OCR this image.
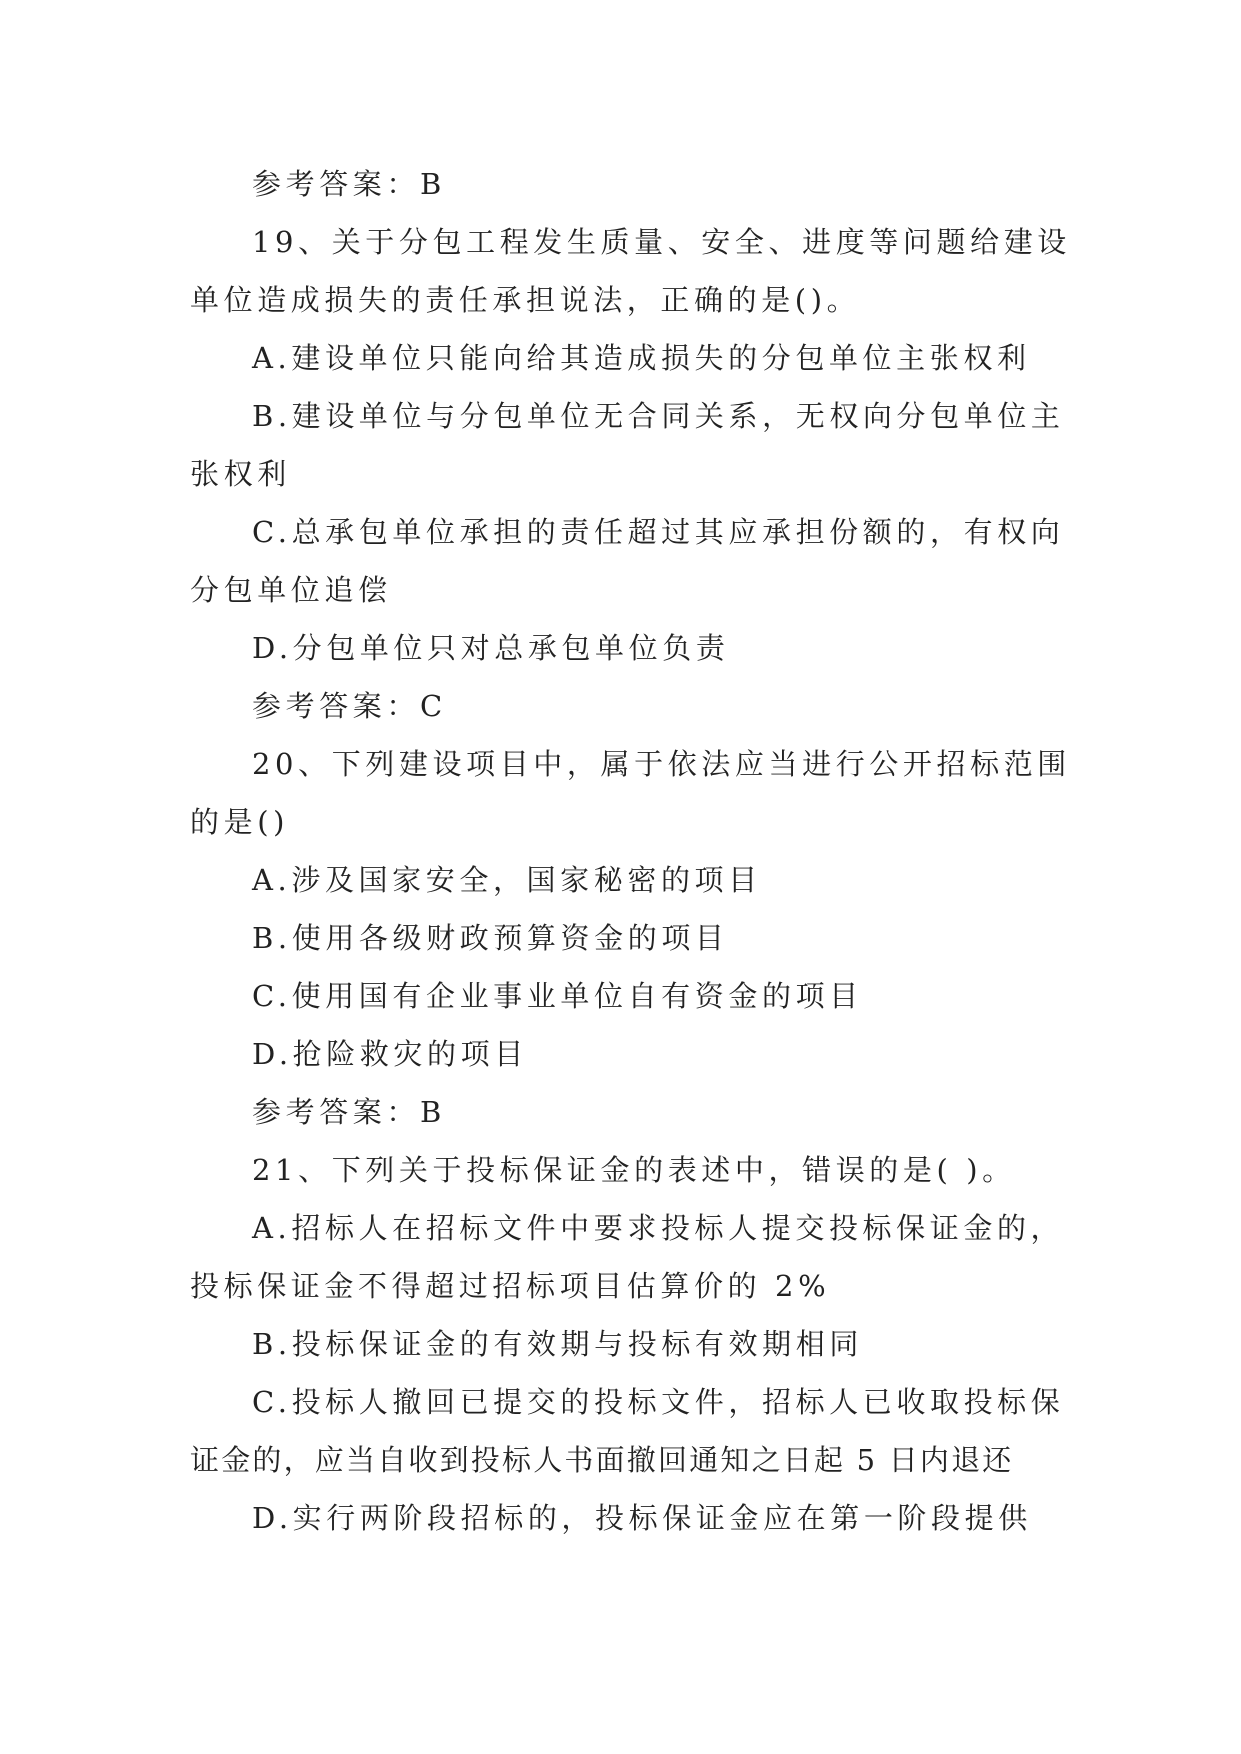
参考答案：B
19、关于分包工程发生质量、安全、进度等问题给建设
单位造成损失的责任承担说法，正确的是()。
A.建设单位只能向给其造成损失的分包单位主张权利
B.建设单位与分包单位无合同关系，无权向分包单位主
张权利
C.总承包单位承担的责任超过其应承担份额的，有权向
分包单位追偿
D.分包单位只对总承包单位负责
参考答案：C
20、下列建设项目中，属于依法应当进行公开招标范围
的是()
A.涉及国家安全，国家秘密的项目
B.使用各级财政预算资金的项目
C.使用国有企业事业单位自有资金的项目
D.抢险救灾的项目
参考答案：B
21、下列关于投标保证金的表述中，错误的是( )。
A.招标人在招标文件中要求投标人提交投标保证金的，
投标保证金不得超过招标项目估算价的 2%
B.投标保证金的有效期与投标有效期相同
C.投标人撤回已提交的投标文件，招标人已收取投标保
证金的，应当自收到投标人书面撤回通知之日起 5 日内退还
D.实行两阶段招标的，投标保证金应在第一阶段提供
